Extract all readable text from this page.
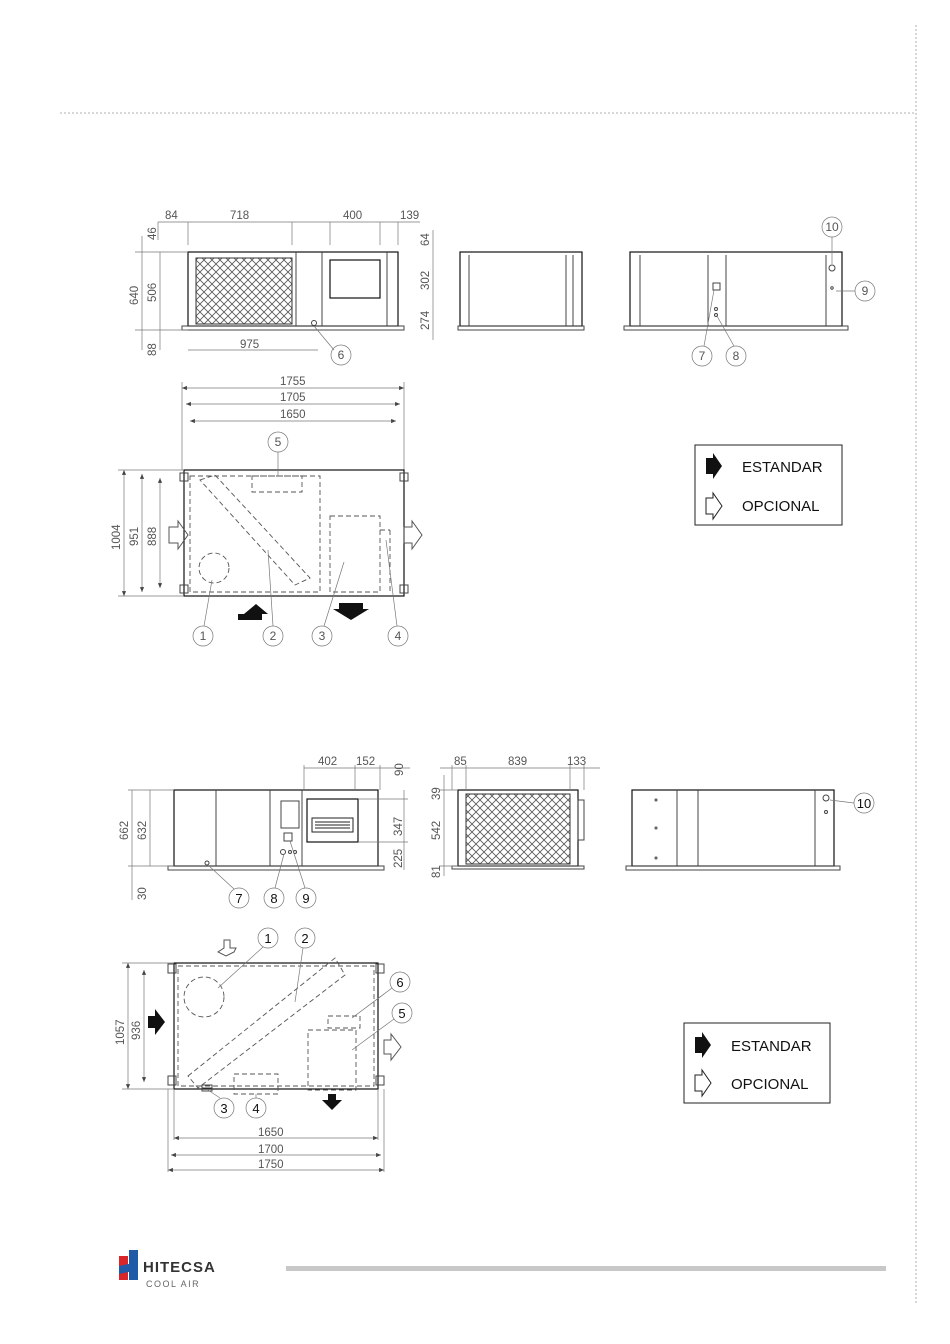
84	718	400	139
46
640 506
88
64
302
274
975
6
10
9
7 8
1755
1705
1650
1004 951 888
5
1	2	3	4
ESTANDAR
OPCIONAL
402 152
90
662 632
30
347
225
7 8 9
85	839	133
39
542
81
10
1057 936
1650
1700
1750
1 2
6
5
3 4
ESTANDAR
OPCIONAL
HITECSA
COOL AIR
